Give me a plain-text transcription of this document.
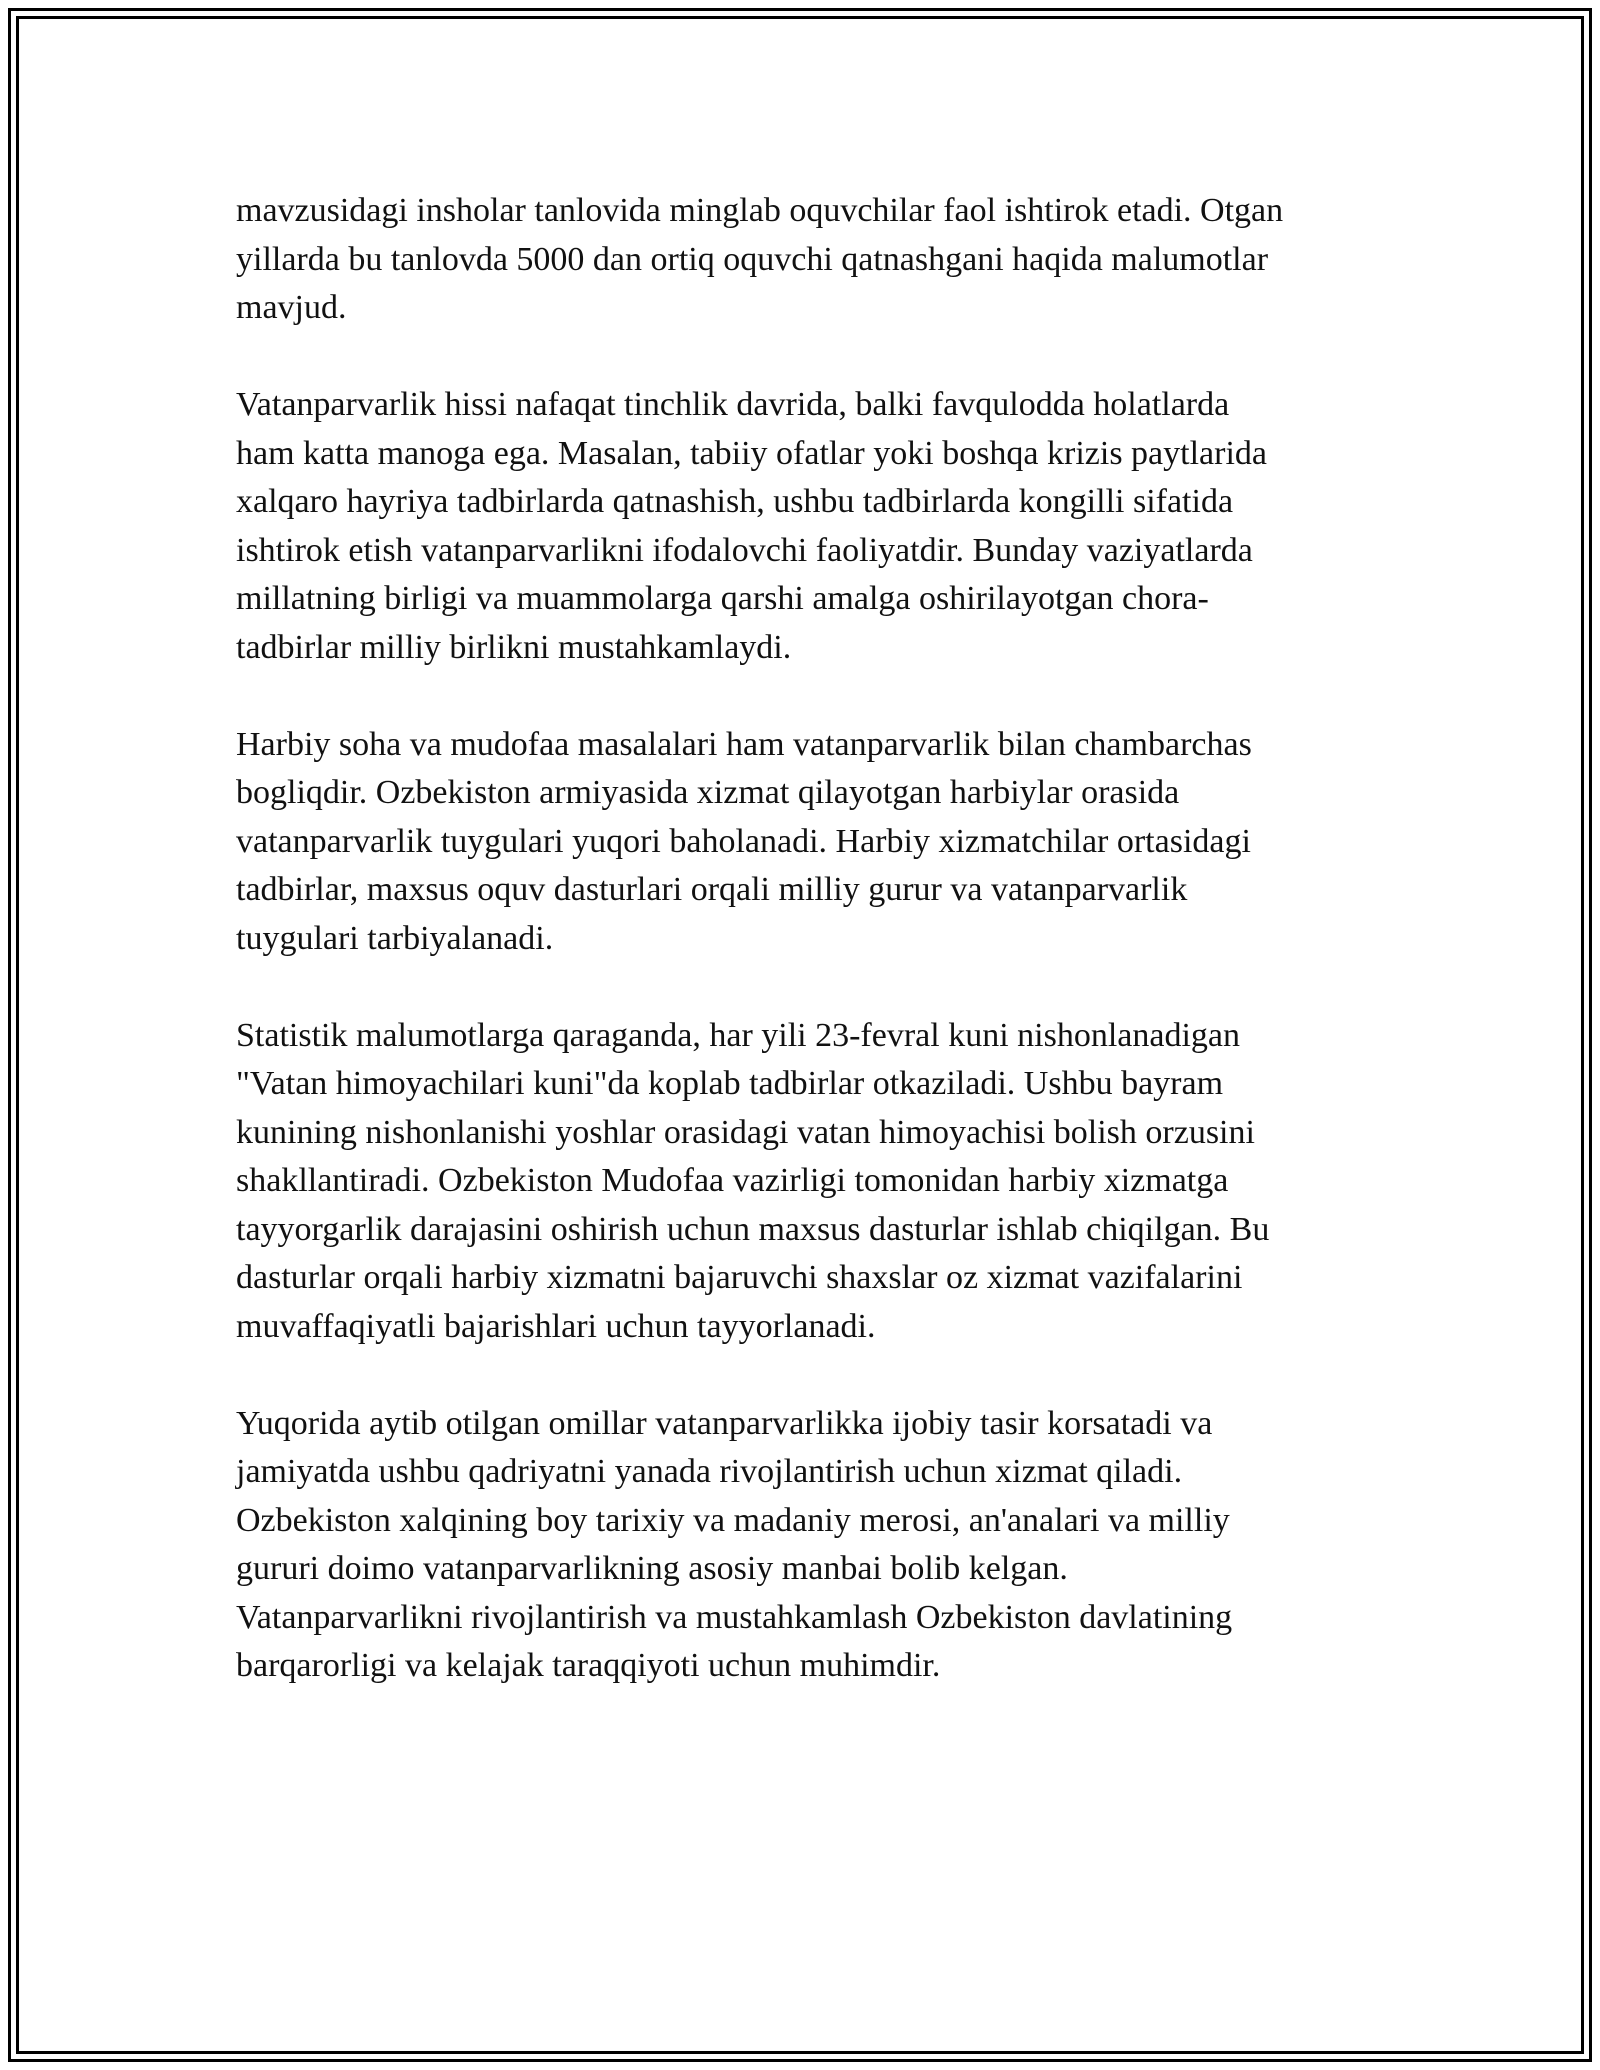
mavzusidagi insholar tanlovida minglab oquvchilar faol ishtirok etadi. Otgan
yillarda bu tanlovda 5000 dan ortiq oquvchi qatnashgani haqida malumotlar
mavjud.

Vatanparvarlik hissi nafaqat tinchlik davrida, balki favqulodda holatlarda
ham katta manoga ega. Masalan, tabiiy ofatlar yoki boshqa krizis paytlarida
xalqaro hayriya tadbirlarda qatnashish, ushbu tadbirlarda kongilli sifatida
ishtirok etish vatanparvarlikni ifodalovchi faoliyatdir. Bunday vaziyatlarda
millatning birligi va muammolarga qarshi amalga oshirilayotgan chora-
tadbirlar milliy birlikni mustahkamlaydi.

Harbiy soha va mudofaa masalalari ham vatanparvarlik bilan chambarchas
bogliqdir. Ozbekiston armiyasida xizmat qilayotgan harbiylar orasida
vatanparvarlik tuygulari yuqori baholanadi. Harbiy xizmatchilar ortasidagi
tadbirlar, maxsus oquv dasturlari orqali milliy gurur va vatanparvarlik
tuygulari tarbiyalanadi.

Statistik malumotlarga qaraganda, har yili 23-fevral kuni nishonlanadigan
"Vatan himoyachilari kuni"da koplab tadbirlar otkaziladi. Ushbu bayram
kunining nishonlanishi yoshlar orasidagi vatan himoyachisi bolish orzusini
shakllantiradi. Ozbekiston Mudofaa vazirligi tomonidan harbiy xizmatga
tayyorgarlik darajasini oshirish uchun maxsus dasturlar ishlab chiqilgan. Bu
dasturlar orqali harbiy xizmatni bajaruvchi shaxslar oz xizmat vazifalarini
muvaffaqiyatli bajarishlari uchun tayyorlanadi.

Yuqorida aytib otilgan omillar vatanparvarlikka ijobiy tasir korsatadi va
jamiyatda ushbu qadriyatni yanada rivojlantirish uchun xizmat qiladi.
Ozbekiston xalqining boy tarixiy va madaniy merosi, an'analari va milliy
gururi doimo vatanparvarlikning asosiy manbai bolib kelgan.
Vatanparvarlikni rivojlantirish va mustahkamlash Ozbekiston davlatining
barqarorligi va kelajak taraqqiyoti uchun muhimdir.
